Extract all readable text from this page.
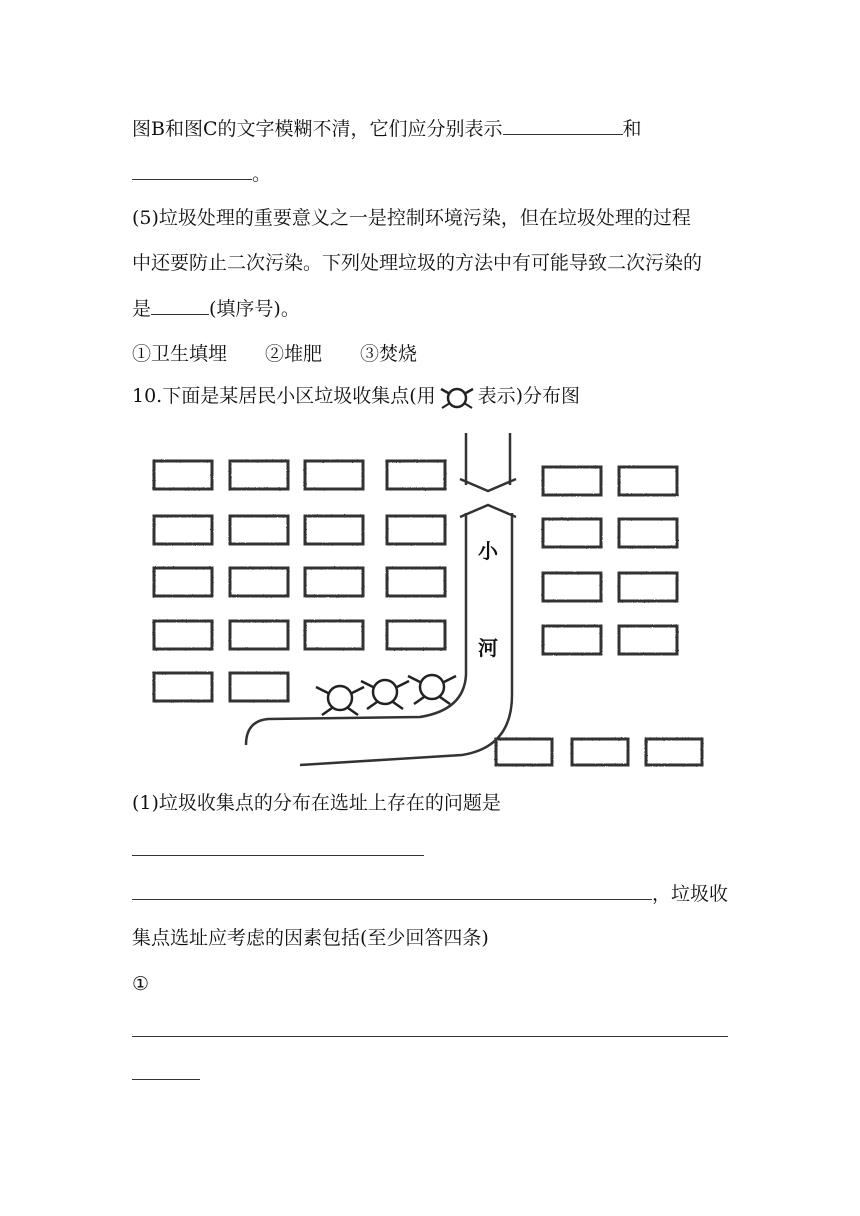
图B和图C的文字模糊不清，它们应分别表示	和
。
(5)垃圾处理的重要意义之一是控制环境污染，但在垃圾处理的过程
中还要防止二次污染。下列处理垃圾的方法中有可能导致二次污染的
是	(填序号)。
①卫生填埋 ②堆肥 ③焚烧
10.下面是某居民小区垃圾收集点(用 表示)分布图
小
河
(1)垃圾收集点的分布在选址上存在的问题是
，垃圾收
集点选址应考虑的因素包括(至少回答四条)
①
